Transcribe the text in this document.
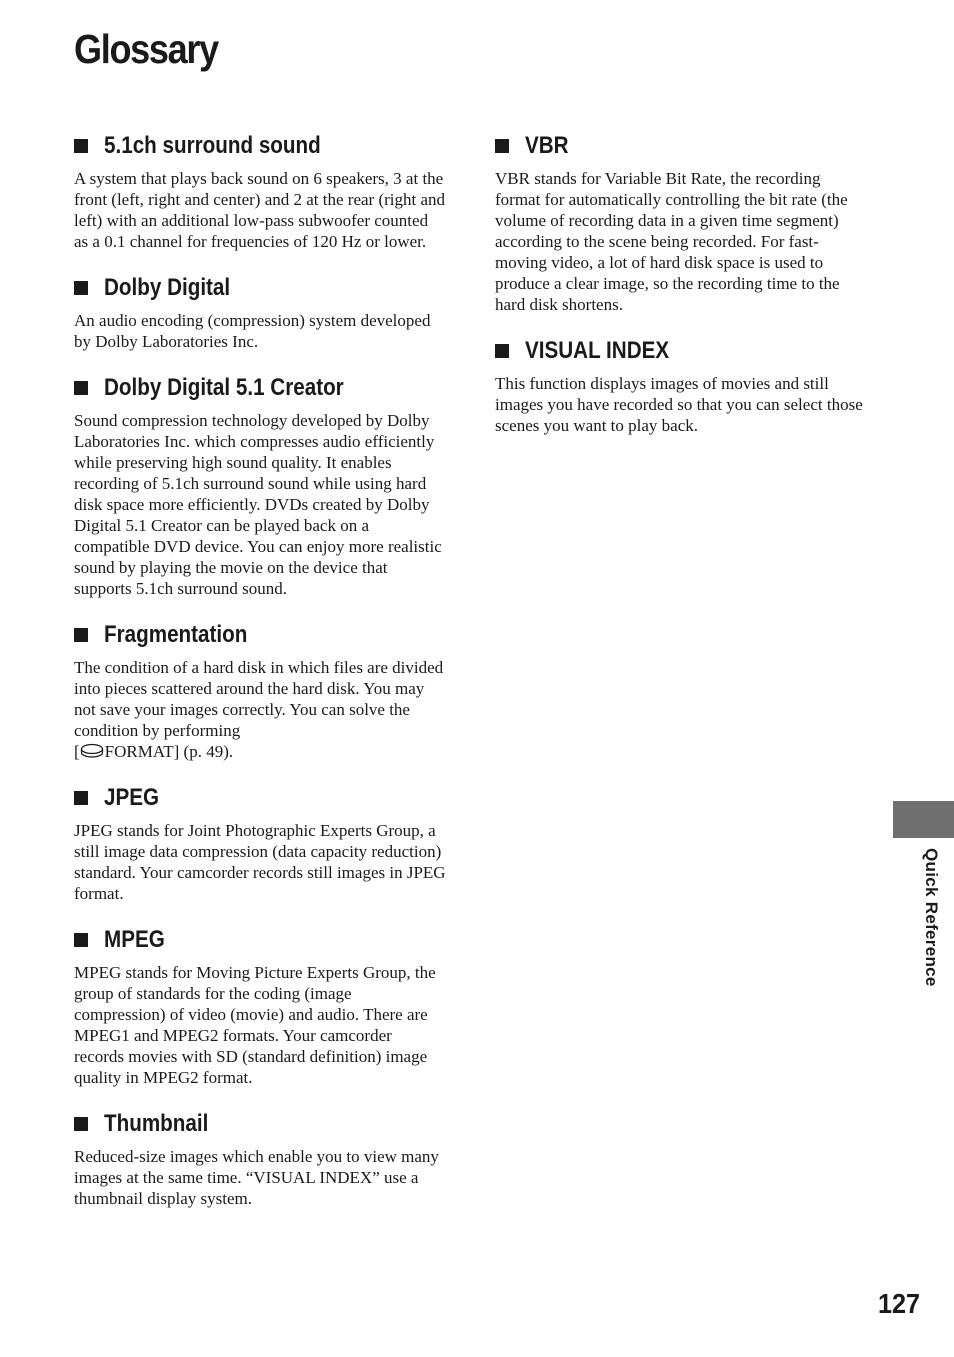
Glossary
5.1ch surround sound

A system that plays back sound on 6 speakers, 3 at the front (left, right and center) and 2 at the rear (right and left) with an additional low-pass subwoofer counted as a 0.1 channel for frequencies of 120 Hz or lower.

Dolby Digital

An audio encoding (compression) system developed by Dolby Laboratories Inc.

Dolby Digital 5.1 Creator

Sound compression technology developed by Dolby Laboratories Inc. which compresses audio efficiently while preserving high sound quality. It enables recording of 5.1ch surround sound while using hard disk space more efficiently. DVDs created by Dolby Digital 5.1 Creator can be played back on a compatible DVD device. You can enjoy more realistic sound by playing the movie on the device that supports 5.1ch surround sound.

Fragmentation

The condition of a hard disk in which files are divided into pieces scattered around the hard disk. You may not save your images correctly. You can solve the condition by performing
[ FORMAT] (p. 49).

JPEG

JPEG stands for Joint Photographic Experts Group, a still image data compression (data capacity reduction) standard. Your camcorder records still images in JPEG format.

MPEG

MPEG stands for Moving Picture Experts Group, the group of standards for the coding (image compression) of video (movie) and audio. There are MPEG1 and MPEG2 formats. Your camcorder records movies with SD (standard definition) image quality in MPEG2 format.

Thumbnail

Reduced-size images which enable you to view many images at the same time. “VISUAL INDEX” use a thumbnail display system.

VBR

VBR stands for Variable Bit Rate, the recording format for automatically controlling the bit rate (the volume of recording data in a given time segment) according to the scene being recorded. For fast-moving video, a lot of hard disk space is used to produce a clear image, so the recording time to the hard disk shortens.

VISUAL INDEX

This function displays images of movies and still images you have recorded so that you can select those scenes you want to play back.

Quick Reference
127
